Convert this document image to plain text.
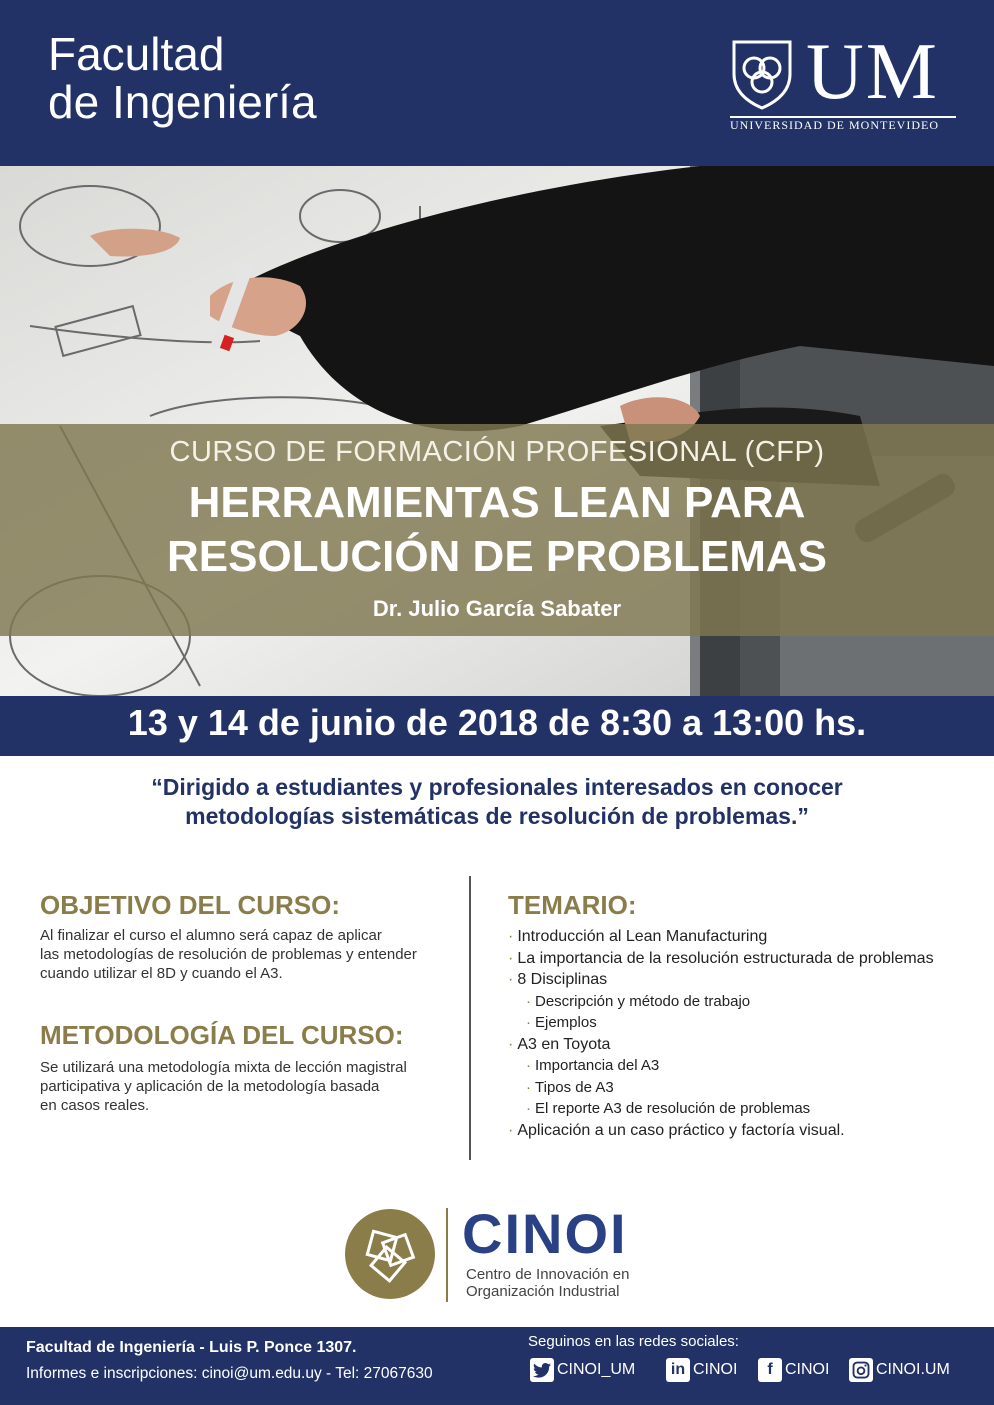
Facultad
de Ingeniería	UM
UNIVERSIDAD DE MONTEVIDEO
CURSO DE FORMACIÓN PROFESIONAL (CFP)
HERRAMIENTAS LEAN PARA
RESOLUCIÓN DE PROBLEMAS
Dr. Julio García Sabater
13 y 14 de junio de 2018 de 8:30 a 13:00 hs.
“Dirigido a estudiantes y profesionales interesados en conocer
metodologías sistemáticas de resolución de problemas.”
OBJETIVO DEL CURSO:
Al finalizar el curso el alumno será capaz de aplicar
las metodologías de resolución de problemas y entender
cuando utilizar el 8D y cuando el A3.
METODOLOGÍA DEL CURSO:
Se utilizará una metodología mixta de lección magistral
participativa y aplicación de la metodología basada
en casos reales.
TEMARIO:
· Introducción al Lean Manufacturing
· La importancia de la resolución estructurada de problemas
· 8 Disciplinas
· Descripción y método de trabajo
· Ejemplos
· A3 en Toyota
· Importancia del A3
· Tipos de A3
· El reporte A3 de resolución de problemas
· Aplicación a un caso práctico y factoría visual.
CINOI
Centro de Innovación en
Organización Industrial
Facultad de Ingeniería - Luis P. Ponce 1307.
Informes e inscripciones: cinoi@um.edu.uy - Tel: 27067630
Seguinos en las redes sociales:
CINOI_UM	in CINOI	f CINOI	CINOI.UM
